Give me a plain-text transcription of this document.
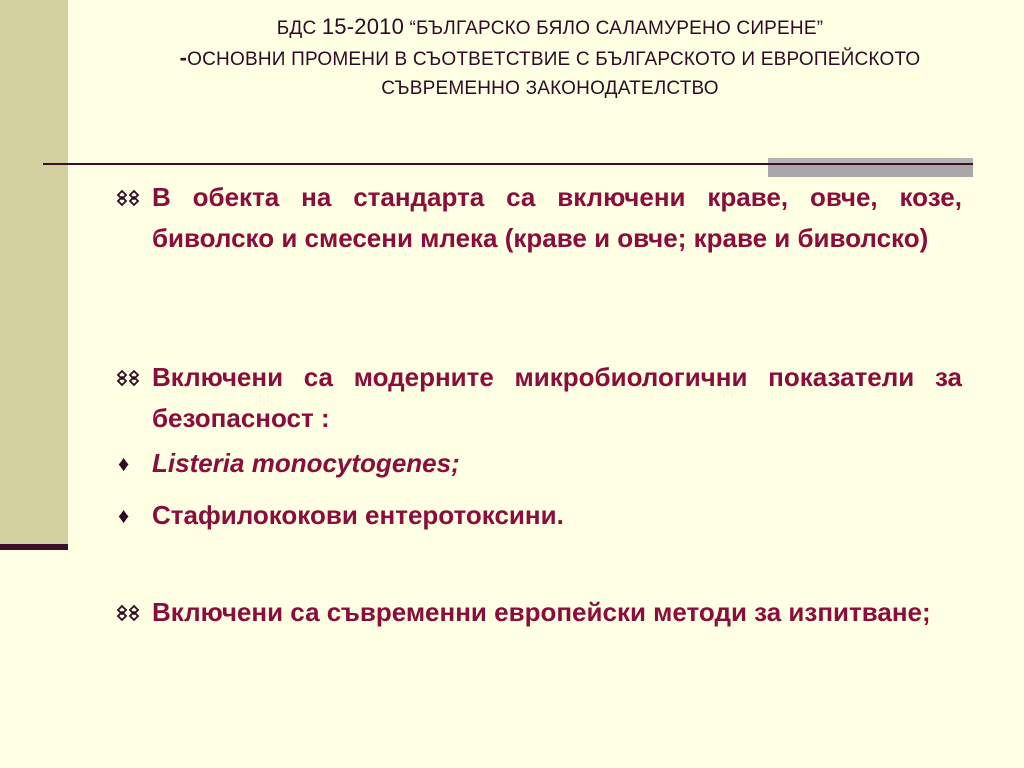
БДС 15-2010 “БЪЛГАРСКО БЯЛО САЛАМУРЕНО СИРЕНЕ”
-ОСНОВНИ ПРОМЕНИ В СЪОТВЕТСТВИЕ С БЪЛГАРСКОТО И ЕВРОПЕЙСКОТО
СЪВРЕМЕННО ЗАКОНОДАТЕЛСТВО
В обекта на стандарта са включени краве, овче, козе, биволско и смесени млека (краве и овче; краве и биволско)
Включени са модерните микробиологични показатели за безопасност :
♦ Listeria monocytogenes;
♦ Стафилококови ентеротоксини.
Включени са съвременни европейски методи за изпитване;
